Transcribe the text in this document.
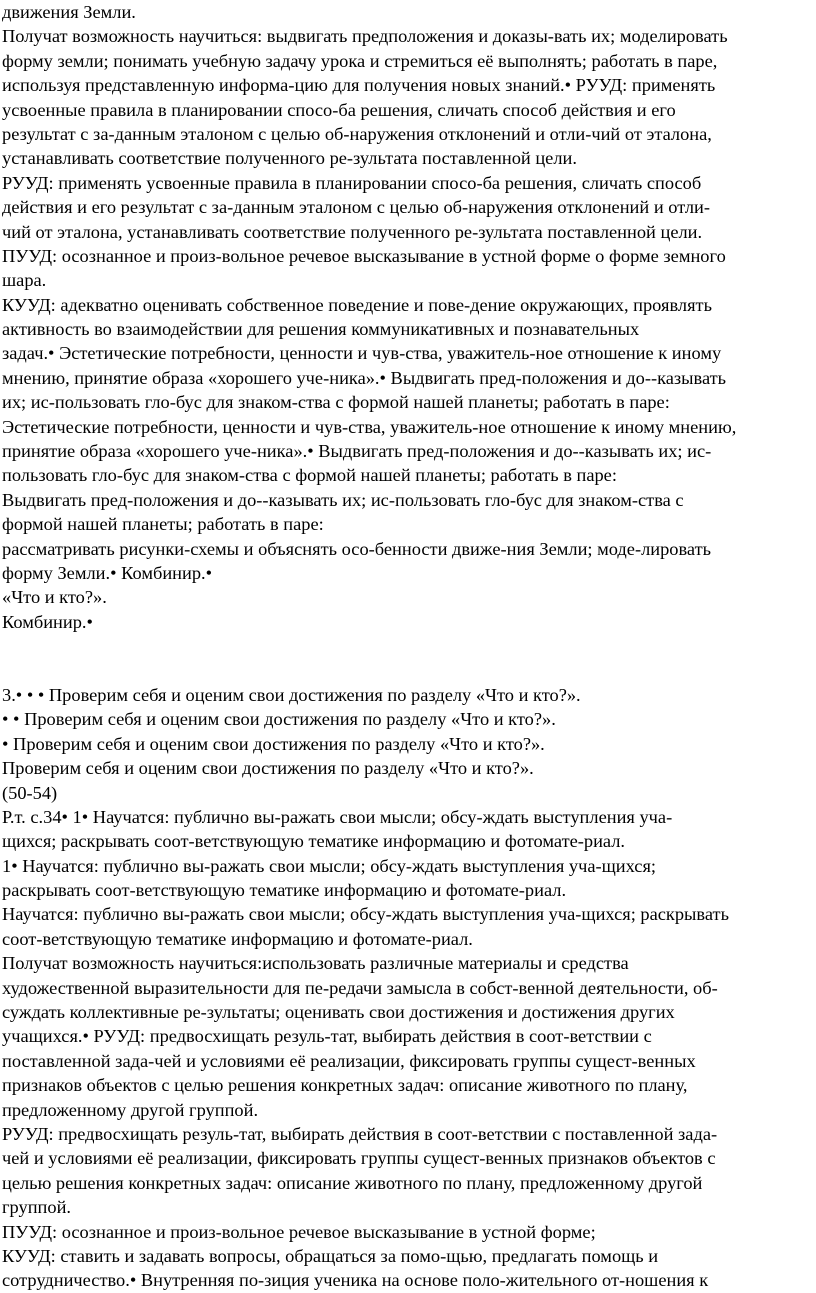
движения Земли.
Получат возможность научиться: выдвигать предположения и доказы-вать их; моделировать
форму земли; понимать учебную задачу урока и стремиться её выполнять; работать в паре,
используя представленную информа-цию для получения новых знаний.• РУУД: применять
усвоенные правила в планировании спосо-ба решения, сличать способ действия и его
результат с за-данным эталоном с целью об-наружения отклонений и отли-чий от эталона,
устанавливать соответствие полученного ре-зультата поставленной цели.
РУУД: применять усвоенные правила в планировании спосо-ба решения, сличать способ
действия и его результат с за-данным эталоном с целью об-наружения отклонений и отли-
чий от эталона, устанавливать соответствие полученного ре-зультата поставленной цели.
ПУУД: осознанное и произ-вольное речевое высказывание в устной форме о форме земного
шара.
КУУД: адекватно оценивать собственное поведение и пове-дение окружающих, проявлять
активность во взаимодействии для решения коммуникативных и познавательных
задач.• Эстетические потребности, ценности и чув-ства, уважитель-ное отношение к иному
мнению, принятие образа «хорошего уче-ника».• Выдвигать пред-положения и до--казывать
их; ис-пользовать гло-бус для знаком-ства с формой нашей планеты; работать в паре:
Эстетические потребности, ценности и чув-ства, уважитель-ное отношение к иному мнению,
принятие образа «хорошего уче-ника».• Выдвигать пред-положения и до--казывать их; ис-
пользовать гло-бус для знаком-ства с формой нашей планеты; работать в паре:
Выдвигать пред-положения и до--казывать их; ис-пользовать гло-бус для знаком-ства с
формой нашей планеты; работать в паре:
рассматривать рисунки-схемы и объяснять осо-бенности движе-ния Земли; моде-лировать
форму Земли.• Комбинир.•
«Что и кто?».
Комбинир.•
3.• • • Проверим себя и оценим свои достижения по разделу «Что и кто?».
• • Проверим себя и оценим свои достижения по разделу «Что и кто?».
• Проверим себя и оценим свои достижения по разделу «Что и кто?».
Проверим себя и оценим свои достижения по разделу «Что и кто?».
(50-54)
Р.т. с.34• 1• Научатся: публично вы-ражать свои мысли; обсу-ждать выступления уча-
щихся; раскрывать соот-ветствующую тематике информацию и фотомате-риал.
1• Научатся: публично вы-ражать свои мысли; обсу-ждать выступления уча-щихся;
раскрывать соот-ветствующую тематике информацию и фотомате-риал.
Научатся: публично вы-ражать свои мысли; обсу-ждать выступления уча-щихся; раскрывать
соот-ветствующую тематике информацию и фотомате-риал.
Получат возможность научиться:использовать различные материалы и средства
художественной выразительности для пе-редачи замысла в собст-венной деятельности, об-
суждать коллективные ре-зультаты; оценивать свои достижения и достижения других
учащихся.• РУУД: предвосхищать резуль-тат, выбирать действия в соот-ветствии с
поставленной зада-чей и условиями её реализации, фиксировать группы сущест-венных
признаков объектов с целью решения конкретных задач: описание животного по плану,
предложенному другой группой.
РУУД: предвосхищать резуль-тат, выбирать действия в соот-ветствии с поставленной зада-
чей и условиями её реализации, фиксировать группы сущест-венных признаков объектов с
целью решения конкретных задач: описание животного по плану, предложенному другой
группой.
ПУУД: осознанное и произ-вольное речевое высказывание в устной форме;
КУУД: ставить и задавать вопросы, обращаться за помо-щью, предлагать помощь и
сотрудничество.• Внутренняя по-зиция ученика на основе поло-жительного от-ношения к
